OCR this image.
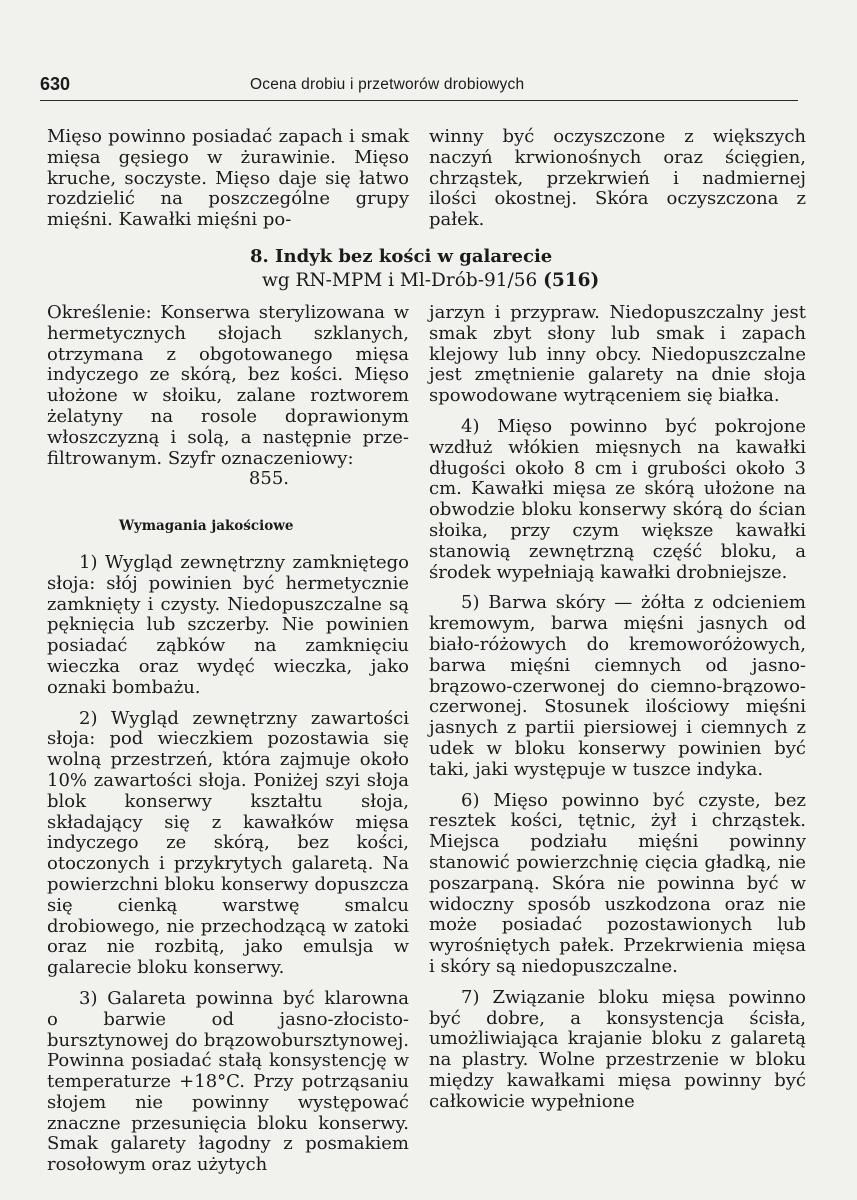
630	Ocena drobiu i przetworów drobiowych

Mięso powinno posiadać zapach i smak mięsa gęsiego w żurawinie. Mięso kruche, soczyste. Mięso daje się łatwo rozdzielić na poszczególne grupy mięśni. Kawałki mięśni po-

winny być oczyszczone z większych naczyń krwionośnych oraz ścięgien, chrząstek, przekrwień i nadmiernej ilości okostnej. Skóra oczyszczona z pałek.

8. Indyk bez kości w galarecie
wg RN-MPM i Ml-Drób-91/56 (516)

Określenie: Konserwa sterylizowana w hermetycznych słojach szklanych, otrzymana z obgotowanego mięsa indyczego ze skórą, bez kości. Mięso ułożone w słoiku, zalane roztworem żelatyny na rosole doprawionym włoszczyzną i solą, a następnie prze-filtrowanym. Szyfr oznaczeniowy:

855.

Wymagania jakościowe

1) Wygląd zewnętrzny zamkniętego słoja: słój powinien być hermetycznie zamknięty i czysty. Niedopuszczalne są pęknięcia lub szczerby. Nie powinien posiadać ząbków na zamknięciu wieczka oraz wydęć wieczka, jako oznaki bombażu.

2) Wygląd zewnętrzny zawartości słoja: pod wieczkiem pozostawia się wolną przestrzeń, która zajmuje około 10% zawartości słoja. Poniżej szyi słoja blok konserwy kształtu słoja, składający się z kawałków mięsa indyczego ze skórą, bez kości, otoczonych i przykrytych galaretą. Na powierzchni bloku konserwy dopuszcza się cienką warstwę smalcu drobiowego, nie przechodzącą w zatoki oraz nie rozbitą, jako emulsja w galarecie bloku konserwy.

3) Galareta powinna być klarowna o barwie od jasno-złocisto-bursztynowej do brązowobursztynowej. Powinna posiadać stałą konsystencję w temperaturze +18°C. Przy potrząsaniu słojem nie powinny występować znaczne przesunięcia bloku konserwy. Smak galarety łagodny z posmakiem rosołowym oraz użytych

jarzyn i przypraw. Niedopuszczalny jest smak zbyt słony lub smak i zapach klejowy lub inny obcy. Niedopuszczalne jest zmętnienie galarety na dnie słoja spowodowane wytrąceniem się białka.

4) Mięso powinno być pokrojone wzdłuż włókien mięsnych na kawałki długości około 8 cm i grubości około 3 cm. Kawałki mięsa ze skórą ułożone na obwodzie bloku konserwy skórą do ścian słoika, przy czym większe kawałki stanowią zewnętrzną część bloku, a środek wypełniają kawałki drobniejsze.

5) Barwa skóry — żółta z odcieniem kremowym, barwa mięśni jasnych od biało-różowych do kremoworóżowych, barwa mięśni ciemnych od jasno-brązowo-czerwonej do ciemno-brązowo-czerwonej. Stosunek ilościowy mięśni jasnych z partii piersiowej i ciemnych z udek w bloku konserwy powinien być taki, jaki występuje w tuszce indyka.

6) Mięso powinno być czyste, bez resztek kości, tętnic, żył i chrząstek. Miejsca podziału mięśni powinny stanowić powierzchnię cięcia gładką, nie poszarpaną. Skóra nie powinna być w widoczny sposób uszkodzona oraz nie może posiadać pozostawionych lub wyrośniętych pałek. Przekrwienia mięsa i skóry są niedopuszczalne.

7) Związanie bloku mięsa powinno być dobre, a konsystencja ścisła, umożliwiająca krajanie bloku z galaretą na plastry. Wolne przestrzenie w bloku między kawałkami mięsa powinny być całkowicie wypełnione
